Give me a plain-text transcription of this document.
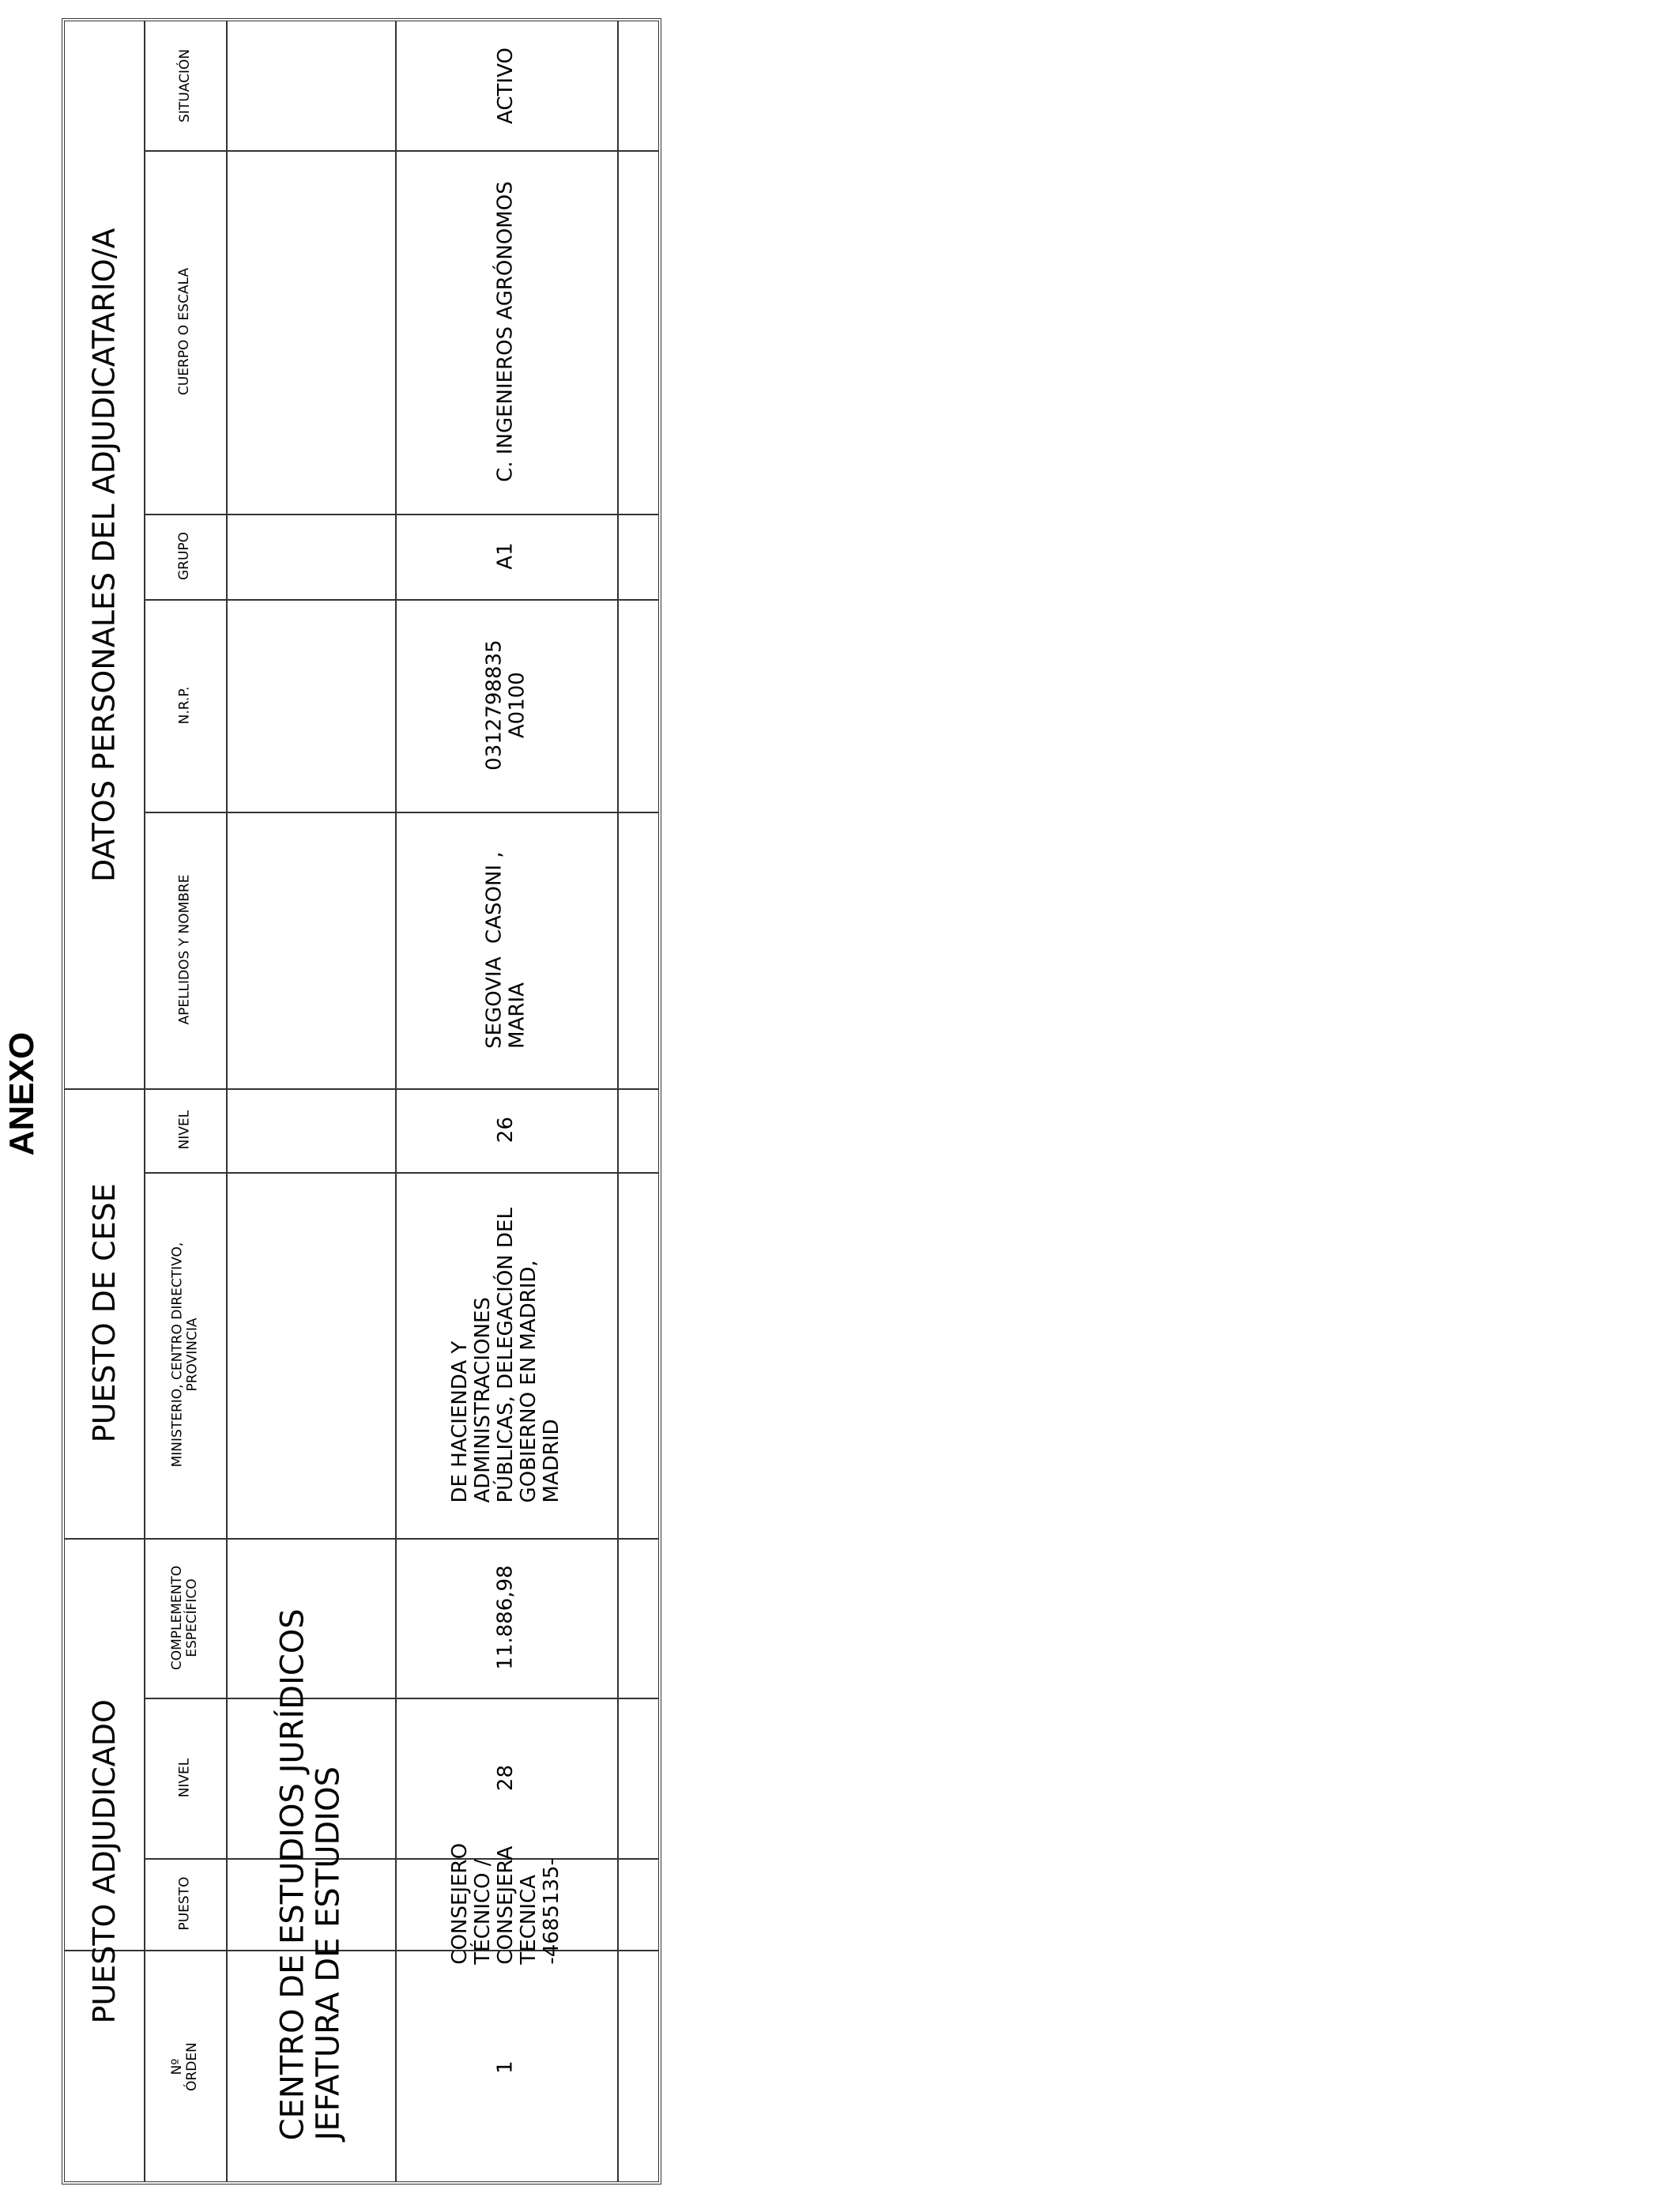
ANEXO
PUESTO ADJUDICADO
PUESTO DE CESE
DATOS PERSONALES DEL ADJUDICATARIO/A
Nº
ÓRDEN
PUESTO
NIVEL
COMPLEMENTO
ESPECÍFICO
MINISTERIO, CENTRO DIRECTIVO,
PROVINCIA
NIVEL
APELLIDOS Y NOMBRE
N.R.P.
GRUPO
CUERPO O ESCALA
SITUACIÓN
CENTRO DE ESTUDIOS JURÍDICOS
JEFATURA DE ESTUDIOS
1
CONSEJERO
TÉCNICO /
CONSEJERA
TECNICA
-4685135-
28
11.886,98
DE HACIENDA Y
ADMINISTRACIONES
PÚBLICAS, DELEGACIÓN DEL
GOBIERNO EN MADRID,
MADRID
26
SEGOVIA  CASONI ,
MARIA
0312798835
A0100
A1
C. INGENIEROS AGRÓNOMOS
ACTIVO
